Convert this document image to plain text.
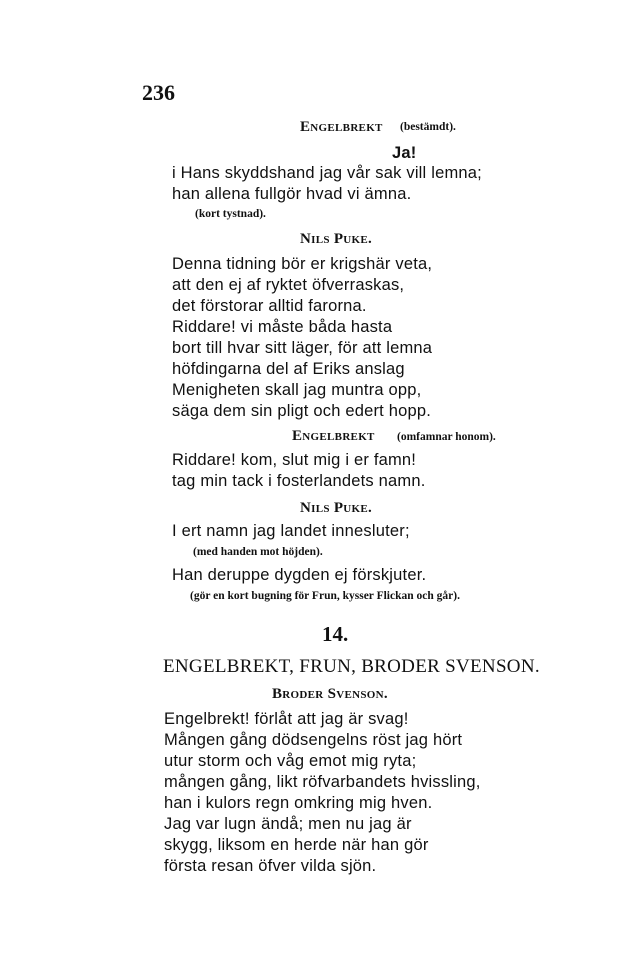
236
Engelbrekt (bestämdt).
Ja!
i Hans skyddshand jag vår sak vill lemna;
han allena fullgör hvad vi ämna.
(kort tystnad).
Nils Puke.
Denna tidning bör er krigshär veta,
att den ej af ryktet öfverraskas,
det förstorar alltid farorna.
Riddare! vi måste båda hasta
bort till hvar sitt läger, för att lemna
höfdingarna del af Eriks anslag
Menigheten skall jag muntra opp,
säga dem sin pligt och edert hopp.
Engelbrekt (omfamnar honom).
Riddare! kom, slut mig i er famn!
tag min tack i fosterlandets namn.
Nils Puke.
I ert namn jag landet innesluter;
(med handen mot höjden).
Han deruppe dygden ej förskjuter.
(gör en kort bugning för Frun, kysser Flickan och går).
14.
ENGELBREKT, FRUN, BRODER SVENSON.
Broder Svenson.
Engelbrekt! förlåt att jag är svag!
Mången gång dödsengelns röst jag hört
utur storm och våg emot mig ryta;
mången gång, likt röfvarbandets hvissling,
han i kulors regn omkring mig hven.
Jag var lugn ändå; men nu jag är
skygg, liksom en herde när han gör
första resan öfver vilda sjön.
